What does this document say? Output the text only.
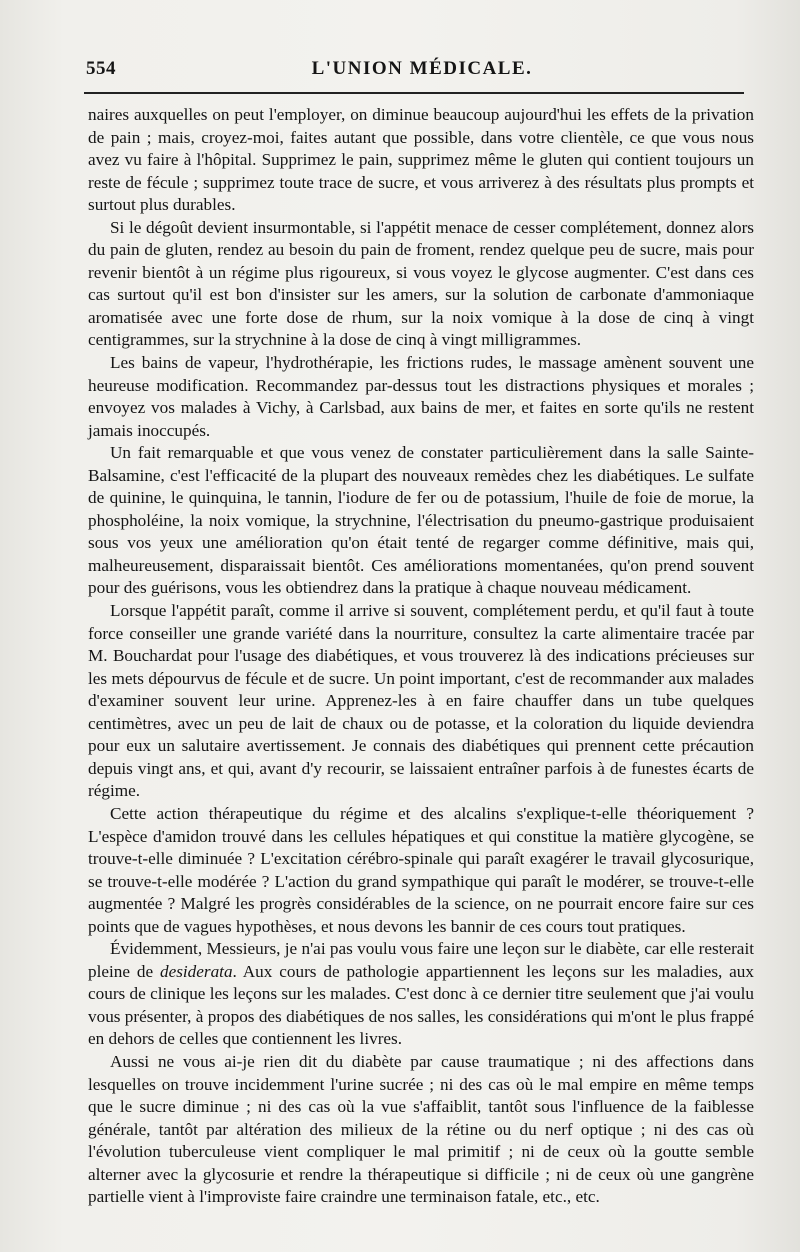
554	L'UNION MÉDICALE.

naires auxquelles on peut l'employer, on diminue beaucoup aujourd'hui les effets de la privation de pain ; mais, croyez-moi, faites autant que possible, dans votre clientèle, ce que vous nous avez vu faire à l'hôpital. Supprimez le pain, supprimez même le gluten qui contient toujours un reste de fécule ; supprimez toute trace de sucre, et vous arriverez à des résultats plus prompts et surtout plus durables.

Si le dégoût devient insurmontable, si l'appétit menace de cesser complétement, donnez alors du pain de gluten, rendez au besoin du pain de froment, rendez quelque peu de sucre, mais pour revenir bientôt à un régime plus rigoureux, si vous voyez le glycose augmenter. C'est dans ces cas surtout qu'il est bon d'insister sur les amers, sur la solution de carbonate d'ammoniaque aromatisée avec une forte dose de rhum, sur la noix vomique à la dose de cinq à vingt centigrammes, sur la strychnine à la dose de cinq à vingt milligrammes.

Les bains de vapeur, l'hydrothérapie, les frictions rudes, le massage amènent souvent une heureuse modification. Recommandez par-dessus tout les distractions physiques et morales ; envoyez vos malades à Vichy, à Carlsbad, aux bains de mer, et faites en sorte qu'ils ne restent jamais inoccupés.

Un fait remarquable et que vous venez de constater particulièrement dans la salle Sainte-Balsamine, c'est l'efficacité de la plupart des nouveaux remèdes chez les diabétiques. Le sulfate de quinine, le quinquina, le tannin, l'iodure de fer ou de potassium, l'huile de foie de morue, la phospholéine, la noix vomique, la strychnine, l'électrisation du pneumo-gastrique produisaient sous vos yeux une amélioration qu'on était tenté de regarger comme définitive, mais qui, malheureusement, disparaissait bientôt. Ces améliorations momentanées, qu'on prend souvent pour des guérisons, vous les obtiendrez dans la pratique à chaque nouveau médicament.

Lorsque l'appétit paraît, comme il arrive si souvent, complétement perdu, et qu'il faut à toute force conseiller une grande variété dans la nourriture, consultez la carte alimentaire tracée par M. Bouchardat pour l'usage des diabétiques, et vous trouverez là des indications précieuses sur les mets dépourvus de fécule et de sucre. Un point important, c'est de recommander aux malades d'examiner souvent leur urine. Apprenez-les à en faire chauffer dans un tube quelques centimètres, avec un peu de lait de chaux ou de potasse, et la coloration du liquide deviendra pour eux un salutaire avertissement. Je connais des diabétiques qui prennent cette précaution depuis vingt ans, et qui, avant d'y recourir, se laissaient entraîner parfois à de funestes écarts de régime.

Cette action thérapeutique du régime et des alcalins s'explique-t-elle théoriquement ? L'espèce d'amidon trouvé dans les cellules hépatiques et qui constitue la matière glycogène, se trouve-t-elle diminuée ? L'excitation cérébro-spinale qui paraît exagérer le travail glycosurique, se trouve-t-elle modérée ? L'action du grand sympathique qui paraît le modérer, se trouve-t-elle augmentée ? Malgré les progrès considérables de la science, on ne pourrait encore faire sur ces points que de vagues hypothèses, et nous devons les bannir de ces cours tout pratiques.

Évidemment, Messieurs, je n'ai pas voulu vous faire une leçon sur le diabète, car elle resterait pleine de desiderata. Aux cours de pathologie appartiennent les leçons sur les maladies, aux cours de clinique les leçons sur les malades. C'est donc à ce dernier titre seulement que j'ai voulu vous présenter, à propos des diabétiques de nos salles, les considérations qui m'ont le plus frappé en dehors de celles que contiennent les livres.

Aussi ne vous ai-je rien dit du diabète par cause traumatique ; ni des affections dans lesquelles on trouve incidemment l'urine sucrée ; ni des cas où le mal empire en même temps que le sucre diminue ; ni des cas où la vue s'affaiblit, tantôt sous l'influence de la faiblesse générale, tantôt par altération des milieux de la rétine ou du nerf optique ; ni des cas où l'évolution tuberculeuse vient compliquer le mal primitif ; ni de ceux où la goutte semble alterner avec la glycosurie et rendre la thérapeutique si difficile ; ni de ceux où une gangrène partielle vient à l'improviste faire craindre une terminaison fatale, etc., etc.
